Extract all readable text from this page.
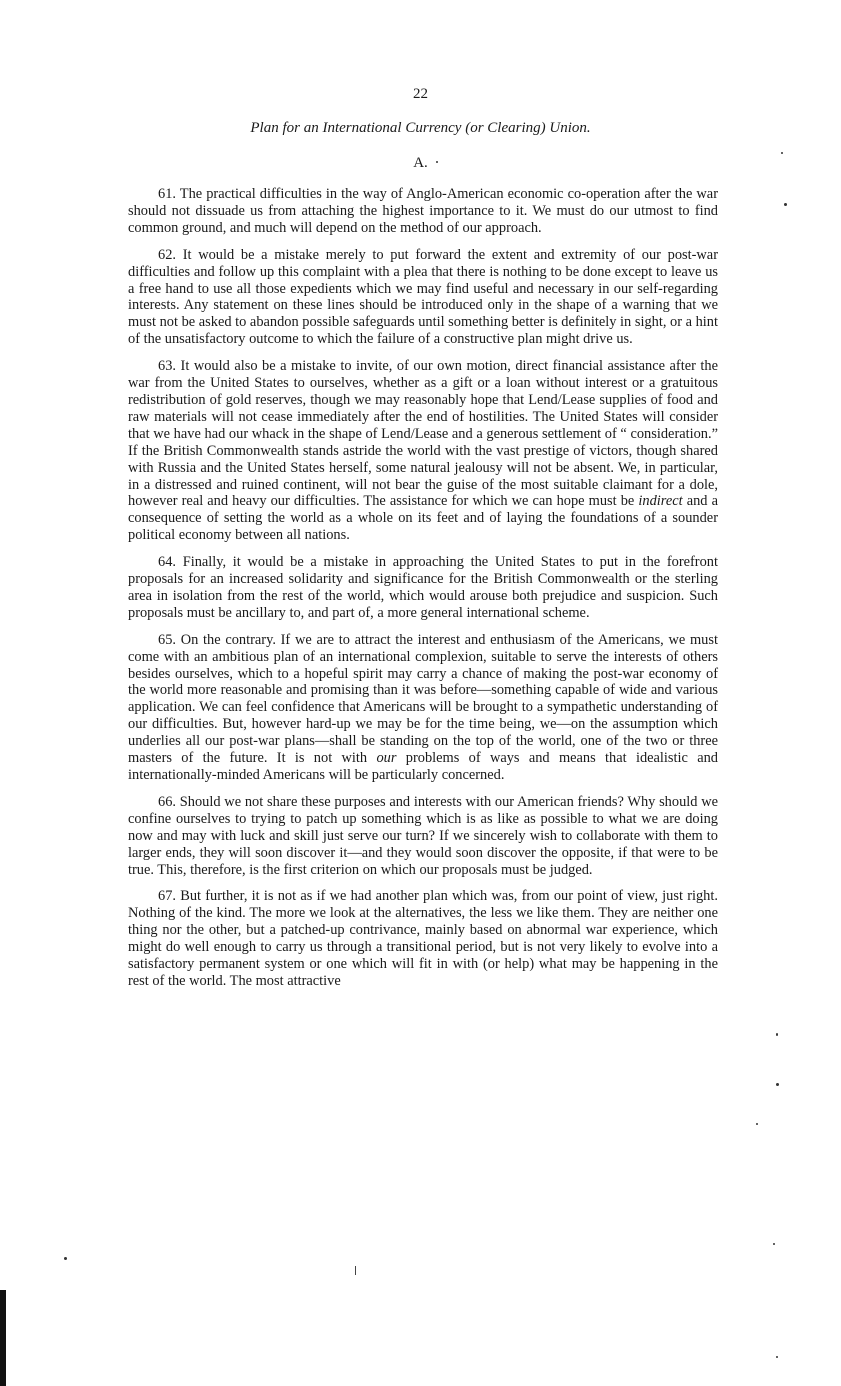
22
Plan for an International Currency (or Clearing) Union.
A.

61. The practical difficulties in the way of Anglo-American economic co-operation after the war should not dissuade us from attaching the highest importance to it. We must do our utmost to find common ground, and much will depend on the method of our approach.

62. It would be a mistake merely to put forward the extent and extremity of our post-war difficulties and follow up this complaint with a plea that there is nothing to be done except to leave us a free hand to use all those expedients which we may find useful and necessary in our self-regarding interests. Any statement on these lines should be introduced only in the shape of a warning that we must not be asked to abandon possible safeguards until something better is definitely in sight, or a hint of the unsatisfactory outcome to which the failure of a constructive plan might drive us.

63. It would also be a mistake to invite, of our own motion, direct financial assistance after the war from the United States to ourselves, whether as a gift or a loan without interest or a gratuitous redistribution of gold reserves, though we may reasonably hope that Lend/Lease supplies of food and raw materials will not cease immediately after the end of hostilities. The United States will consider that we have had our whack in the shape of Lend/Lease and a generous settlement of “ consideration.” If the British Commonwealth stands astride the world with the vast prestige of victors, though shared with Russia and the United States herself, some natural jealousy will not be absent. We, in particular, in a distressed and ruined continent, will not bear the guise of the most suitable claimant for a dole, however real and heavy our difficulties. The assistance for which we can hope must be indirect and a consequence of setting the world as a whole on its feet and of laying the foundations of a sounder political economy between all nations.

64. Finally, it would be a mistake in approaching the United States to put in the forefront proposals for an increased solidarity and significance for the British Commonwealth or the sterling area in isolation from the rest of the world, which would arouse both prejudice and suspicion. Such proposals must be ancillary to, and part of, a more general international scheme.

65. On the contrary. If we are to attract the interest and enthusiasm of the Americans, we must come with an ambitious plan of an international complexion, suitable to serve the interests of others besides ourselves, which to a hopeful spirit may carry a chance of making the post-war economy of the world more reasonable and promising than it was before—something capable of wide and various application. We can feel confidence that Americans will be brought to a sympathetic understanding of our difficulties. But, however hard-up we may be for the time being, we—on the assumption which underlies all our post-war plans—shall be standing on the top of the world, one of the two or three masters of the future. It is not with our problems of ways and means that idealistic and internationally-minded Americans will be particularly concerned.

66. Should we not share these purposes and interests with our American friends? Why should we confine ourselves to trying to patch up something which is as like as possible to what we are doing now and may with luck and skill just serve our turn? If we sincerely wish to collaborate with them to larger ends, they will soon discover it—and they would soon discover the opposite, if that were to be true. This, therefore, is the first criterion on which our proposals must be judged.

67. But further, it is not as if we had another plan which was, from our point of view, just right. Nothing of the kind. The more we look at the alternatives, the less we like them. They are neither one thing nor the other, but a patched-up contrivance, mainly based on abnormal war experience, which might do well enough to carry us through a transitional period, but is not very likely to evolve into a satisfactory permanent system or one which will fit in with (or help) what may be happening in the rest of the world. The most attractive
